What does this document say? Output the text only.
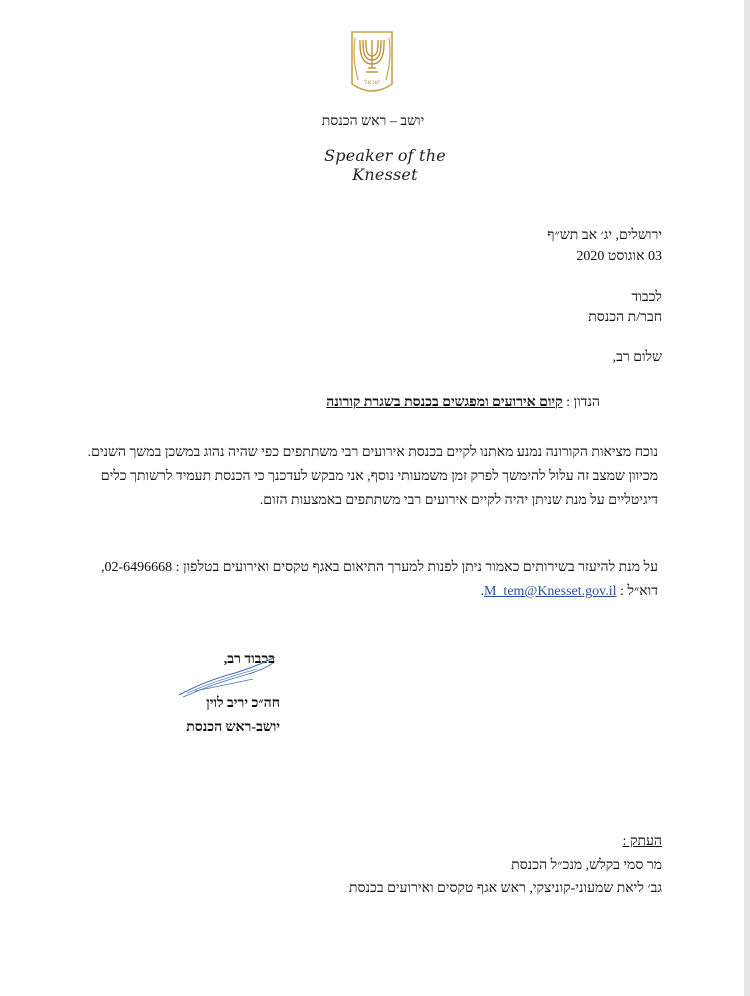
ישראל
יושב – ראש הכנסת
Speaker of the Knesset
ירושלים, יג׳ אב תש״ף
03 אוגוסט 2020
לכבוד
חבר/ת הכנסת
שלום רב,
הנדון : קיום אירועים ומפגשים בכנסת בשגרת קורונה
נוכח מציאות הקורונה נמנע מאתנו לקיים בכנסת אירועים רבי משתתפים כפי שהיה נהוג במשכן במשך השנים. מכיוון שמצב זה עלול להימשך לפרק זמן משמעותי נוסף, אני מבקש לעדכנך כי הכנסת תעמיד לרשותך כלים דיגיטליים על מנת שניתן יהיה לקיים אירועים רבי משתתפים באמצעות הזום.
על מנת להיעזר בשירותים כאמור ניתן לפנות למערך התיאום באגף טקסים ואירועים בטלפון : 02-6496668, דוא״ל : M_tem@Knesset.gov.il.
בכבוד רב,
חה״כ יריב לוין
יושב-ראש הכנסת
העתק :
מר סמי בקלש, מנכ״ל הכנסת
גב׳ ליאת שמעוני-קוניצקי, ראש אגף טקסים ואירועים בכנסת
